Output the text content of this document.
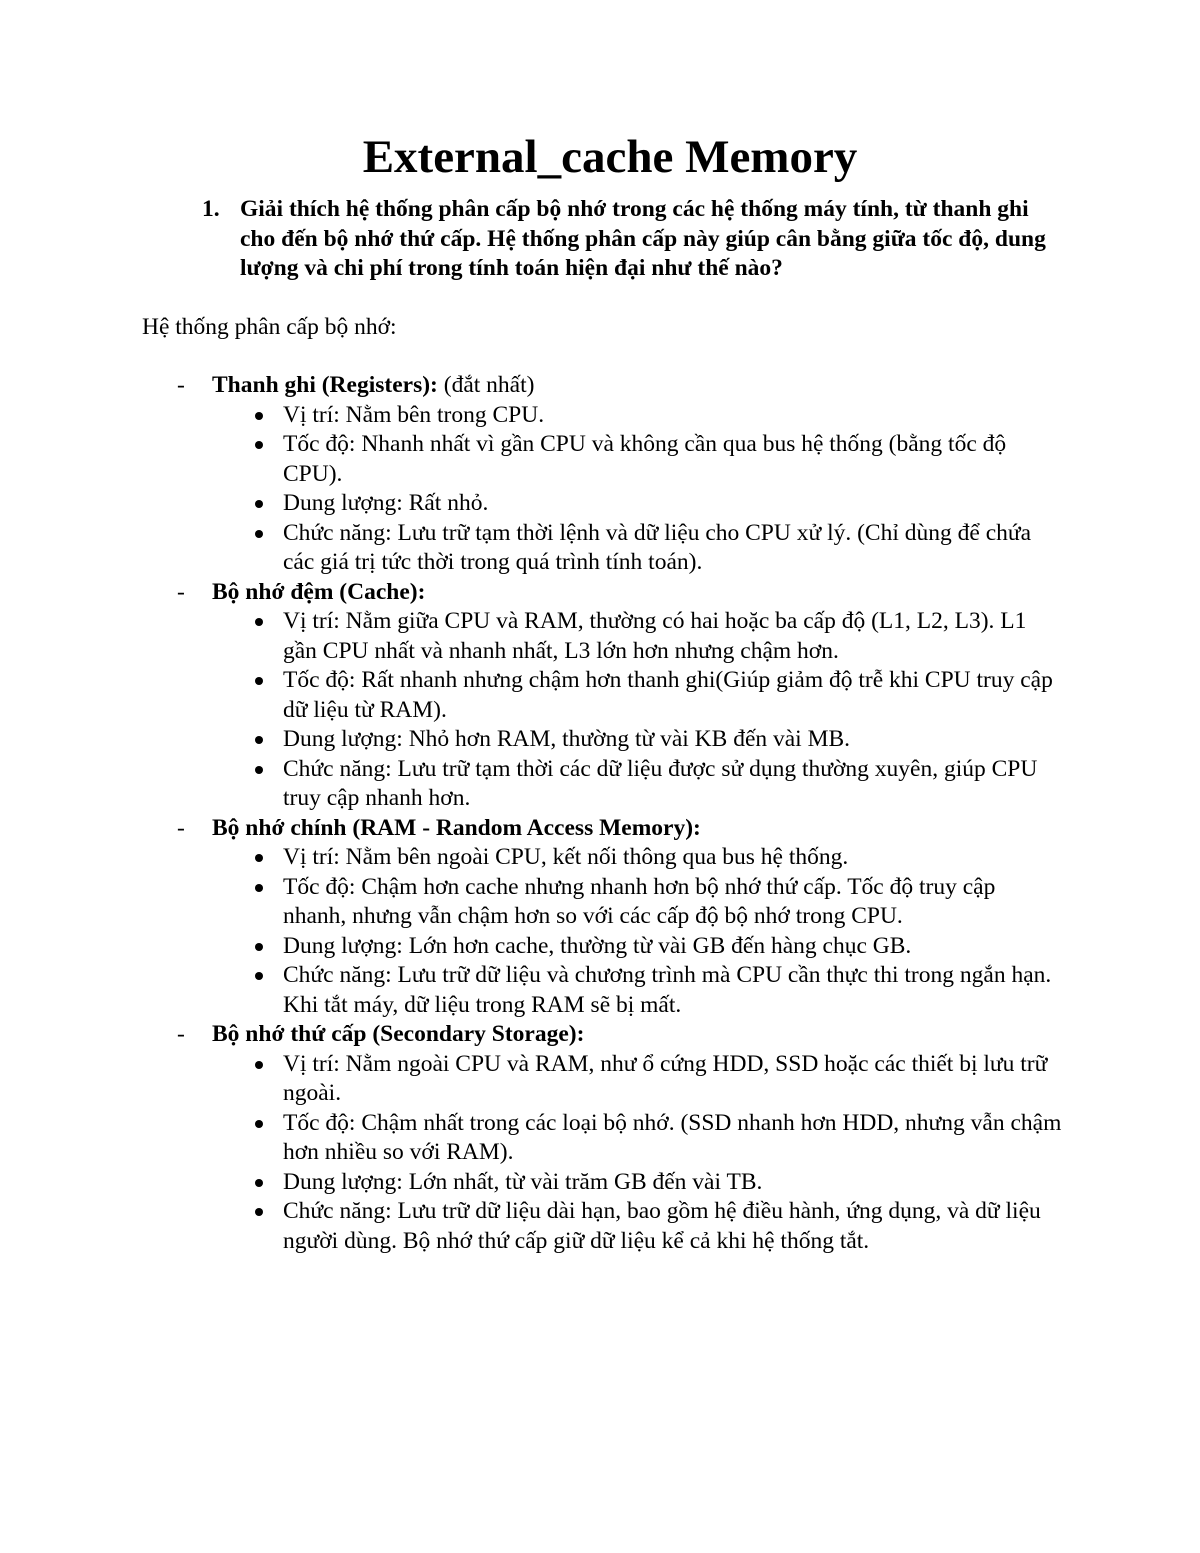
External_cache Memory
1. Giải thích hệ thống phân cấp bộ nhớ trong các hệ thống máy tính, từ thanh ghi cho đến bộ nhớ thứ cấp. Hệ thống phân cấp này giúp cân bằng giữa tốc độ, dung lượng và chi phí trong tính toán hiện đại như thế nào?

Hệ thống phân cấp bộ nhớ:

- Thanh ghi (Registers): (đắt nhất)
Vị trí: Nằm bên trong CPU.
Tốc độ: Nhanh nhất vì gần CPU và không cần qua bus hệ thống (bằng tốc độ CPU).
Dung lượng: Rất nhỏ.
Chức năng: Lưu trữ tạm thời lệnh và dữ liệu cho CPU xử lý. (Chỉ dùng để chứa các giá trị tức thời trong quá trình tính toán).
- Bộ nhớ đệm (Cache):
Vị trí: Nằm giữa CPU và RAM, thường có hai hoặc ba cấp độ (L1, L2, L3). L1 gần CPU nhất và nhanh nhất, L3 lớn hơn nhưng chậm hơn.
Tốc độ: Rất nhanh nhưng chậm hơn thanh ghi(Giúp giảm độ trễ khi CPU truy cập dữ liệu từ RAM).
Dung lượng: Nhỏ hơn RAM, thường từ vài KB đến vài MB.
Chức năng: Lưu trữ tạm thời các dữ liệu được sử dụng thường xuyên, giúp CPU truy cập nhanh hơn.
- Bộ nhớ chính (RAM - Random Access Memory):
Vị trí: Nằm bên ngoài CPU, kết nối thông qua bus hệ thống.
Tốc độ: Chậm hơn cache nhưng nhanh hơn bộ nhớ thứ cấp. Tốc độ truy cập nhanh, nhưng vẫn chậm hơn so với các cấp độ bộ nhớ trong CPU.
Dung lượng: Lớn hơn cache, thường từ vài GB đến hàng chục GB.
Chức năng: Lưu trữ dữ liệu và chương trình mà CPU cần thực thi trong ngắn hạn. Khi tắt máy, dữ liệu trong RAM sẽ bị mất.
- Bộ nhớ thứ cấp (Secondary Storage):
Vị trí: Nằm ngoài CPU và RAM, như ổ cứng HDD, SSD hoặc các thiết bị lưu trữ ngoài.
Tốc độ: Chậm nhất trong các loại bộ nhớ. (SSD nhanh hơn HDD, nhưng vẫn chậm hơn nhiều so với RAM).
Dung lượng: Lớn nhất, từ vài trăm GB đến vài TB.
Chức năng: Lưu trữ dữ liệu dài hạn, bao gồm hệ điều hành, ứng dụng, và dữ liệu người dùng. Bộ nhớ thứ cấp giữ dữ liệu kể cả khi hệ thống tắt.
